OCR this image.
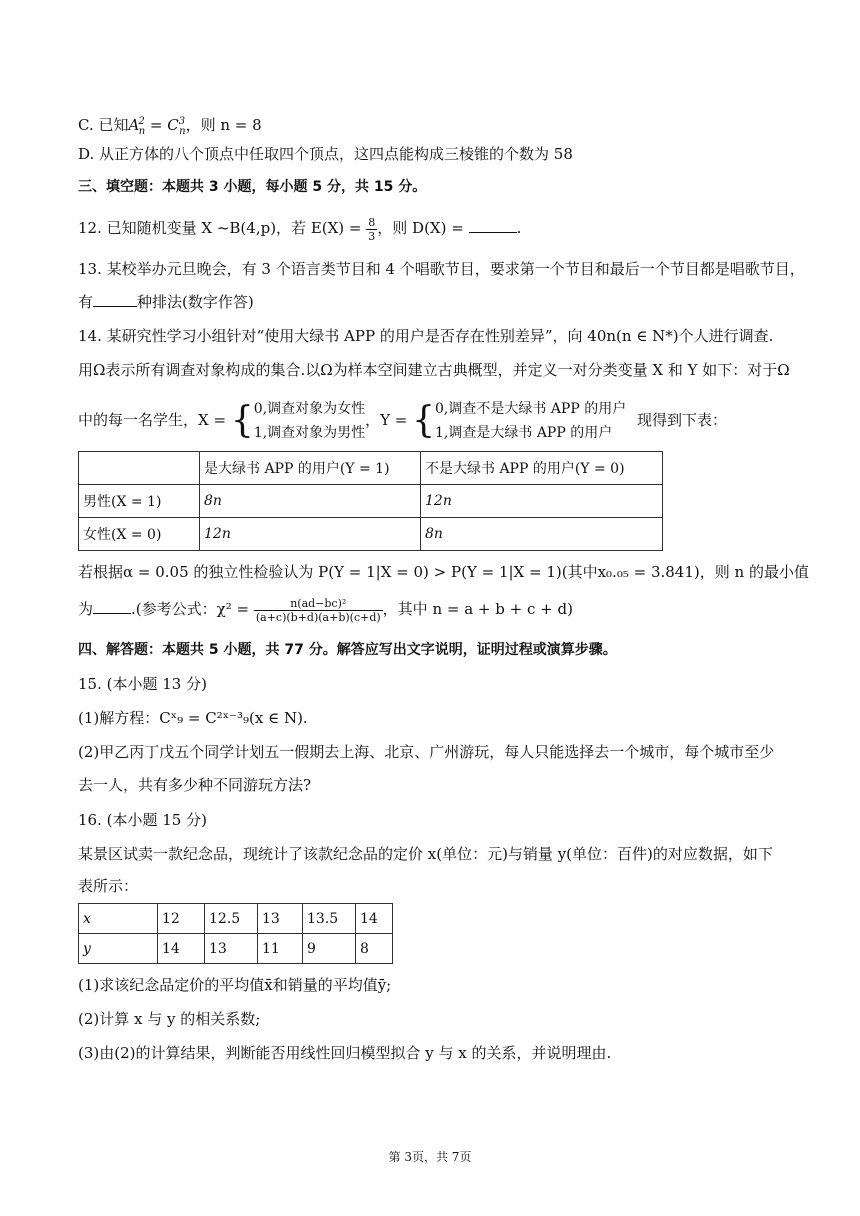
C. 已知$A^2_n = C^3_n$，则 n = 8
D. 从正方体的八个顶点中任取四个顶点，这四点能构成三棱锥的个数为 58
三、填空题：本题共 3 小题，每小题 5 分，共 15 分。
12. 已知随机变量 X ~B(4,p)，若 $E(X) = \frac{8}{3}$ ，则 D(X) =	.
13. 某校举办元旦晚会，有 3 个语言类节目和 4 个唱歌节目，要求第一个节目和最后一个节目都是唱歌节目，
有	种排法(数字作答)
14. 某研究性学习小组针对“使用大绿书 APP 的用户是否存在性别差异”，向 40n(n ∈ N*)个人进行调查.
用Ω表示所有调查对象构成的集合.以Ω为样本空间建立古典概型，并定义一对分类变量 X 和 Y 如下：对于Ω
中的每一名学生，X = { 0,调查对象为女性
1,调查对象为男性
，Y = { 0,调查不是大绿书 APP 的用户
1,调查是大绿书 APP 的用户
现得到下表：
	是大绿书 APP 的用户(Y = 1)	不是大绿书 APP 的用户(Y = 0)
男性(X = 1)	8n	12n
女性(X = 0)	12n	8n
若根据α = 0.05 的独立性检验认为 P(Y = 1|X = 0) > P(Y = 1|X = 1)(其中x₀.₀₅ = 3.841)，则 n 的最小值
为	.(参考公式：$\chi^2 = \frac{\text{n(ad−bc)²}}{(a+c)(b+d)(a+b)(c+d)}$ ，其中 n = a + b + c + d)
四、解答题：本题共 5 小题，共 77 分。解答应写出文字说明，证明过程或演算步骤。
15. (本小题 13 分)
(1)解方程：Cˣ₉ = C²ˣ⁻³₉(x ∈ N).
(2)甲乙丙丁戊五个同学计划五一假期去上海、北京、广州游玩，每人只能选择去一个城市，每个城市至少
去一人，共有多少种不同游玩方法?
16. (本小题 15 分)
某景区试卖一款纪念品，现统计了该款纪念品的定价 x(单位：元)与销量 y(单位：百件)的对应数据，如下
表所示：
x	12	12.5	13	13.5	14
y	14	13	11	9	8
(1)求该纪念品定价的平均值x̄和销量的平均值ȳ;
(2)计算 x 与 y 的相关系数;
(3)由(2)的计算结果，判断能否用线性回归模型拟合 y 与 x 的关系，并说明理由.
第 3页，共 7页
